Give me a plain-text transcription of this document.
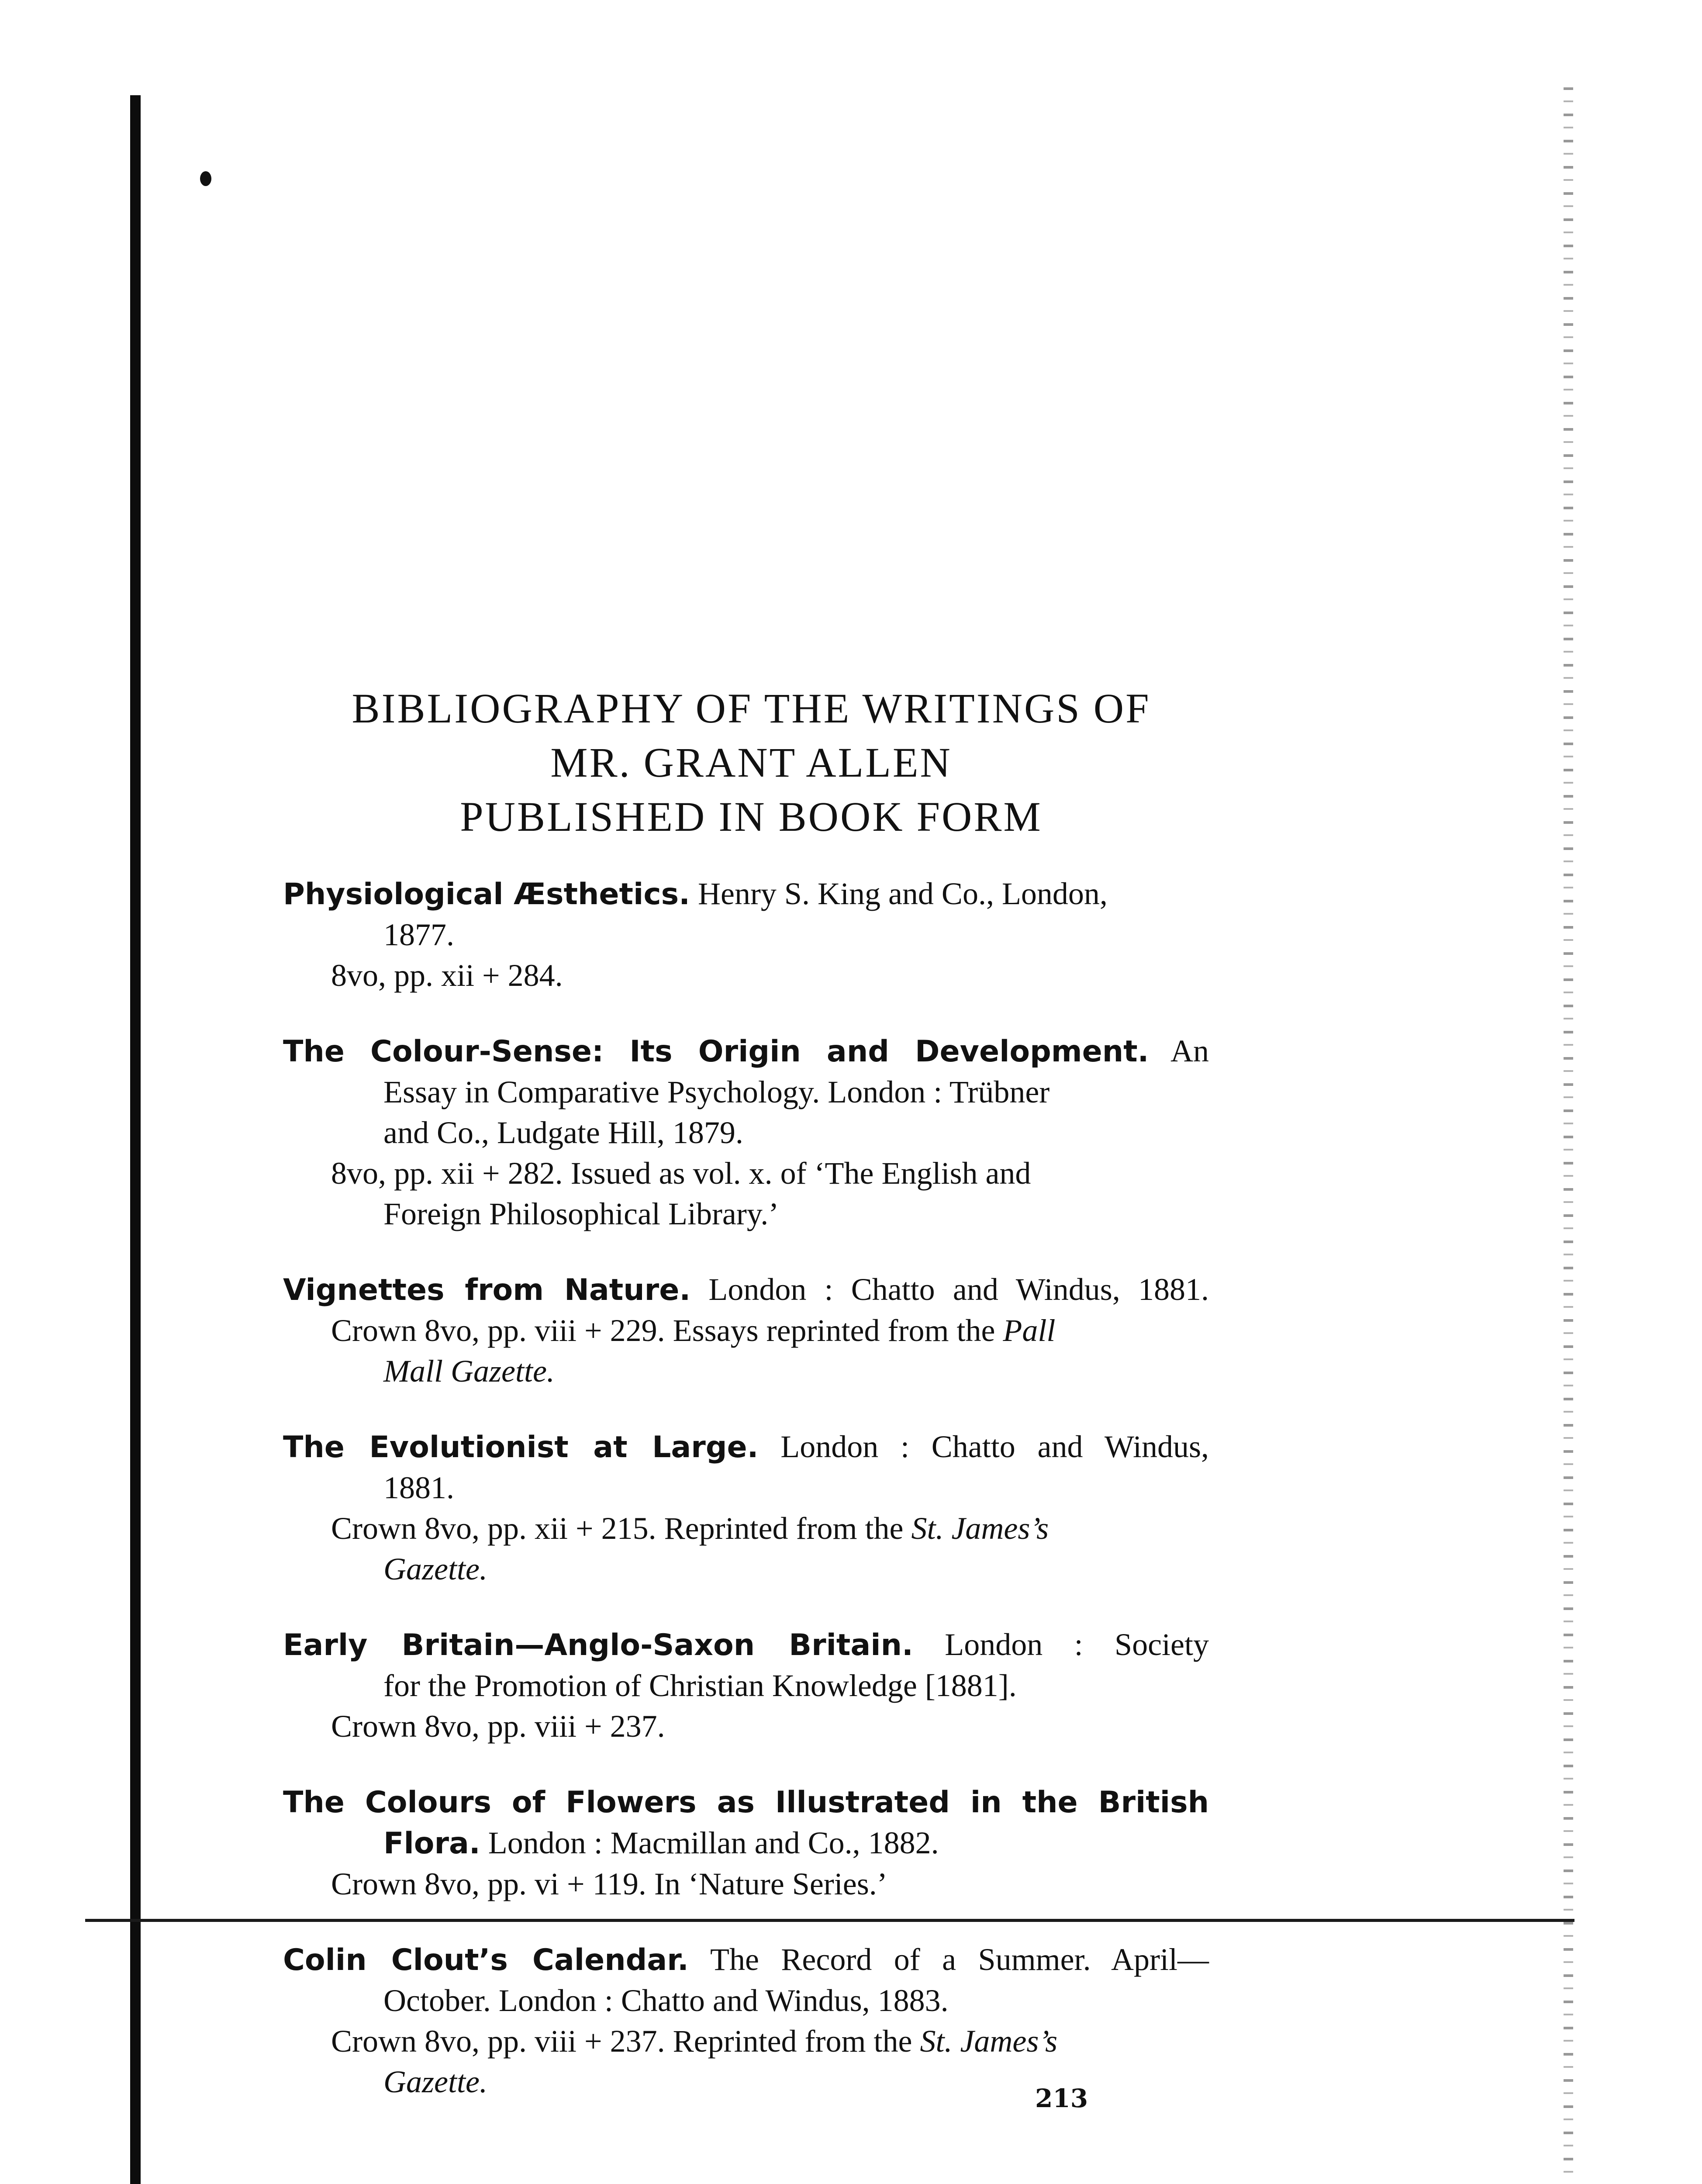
BIBLIOGRAPHY OF THE WRITINGS OF
MR. GRANT ALLEN
PUBLISHED IN BOOK FORM

Physiological Æsthetics. Henry S. King and Co., London,

1877.

8vo, pp. xii + 284.

The Colour-Sense: Its Origin and Development. An

Essay in Comparative Psychology. London : Trübner

and Co., Ludgate Hill, 1879.

8vo, pp. xii + 282. Issued as vol. x. of ‘The English and

Foreign Philosophical Library.’

Vignettes from Nature. London : Chatto and Windus, 1881.

Crown 8vo, pp. viii + 229. Essays reprinted from the Pall

Mall Gazette.

The Evolutionist at Large. London : Chatto and Windus,

1881.

Crown 8vo, pp. xii + 215. Reprinted from the St. James’s

Gazette.

Early Britain—Anglo-Saxon Britain. London : Society

for the Promotion of Christian Knowledge [1881].

Crown 8vo, pp. viii + 237.

The Colours of Flowers as Illustrated in the British

Flora. London : Macmillan and Co., 1882.

Crown 8vo, pp. vi + 119. In ‘Nature Series.’

Colin Clout’s Calendar. The Record of a Summer. April—

October. London : Chatto and Windus, 1883.

Crown 8vo, pp. viii + 237. Reprinted from the St. James’s

Gazette.	213
